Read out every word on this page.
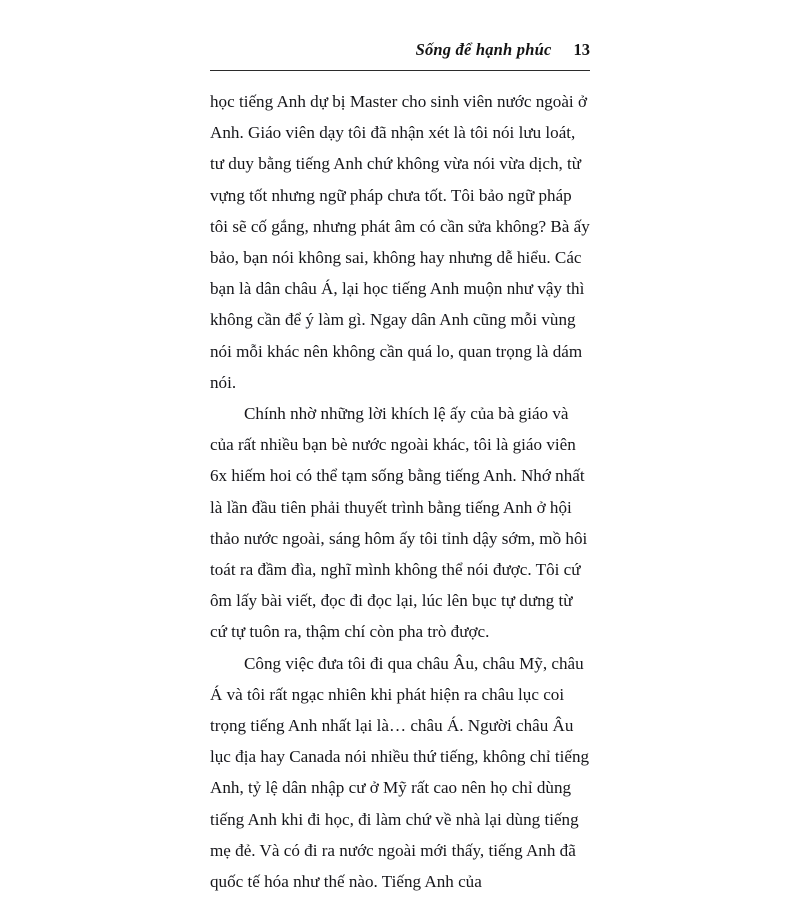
Sống để hạnh phúc 13

học tiếng Anh dự bị Master cho sinh viên nước ngoài ở Anh. Giáo viên dạy tôi đã nhận xét là tôi nói lưu loát, tư duy bằng tiếng Anh chứ không vừa nói vừa dịch, từ vựng tốt nhưng ngữ pháp chưa tốt. Tôi bảo ngữ pháp tôi sẽ cố gắng, nhưng phát âm có cần sửa không? Bà ấy bảo, bạn nói không sai, không hay nhưng dễ hiểu. Các bạn là dân châu Á, lại học tiếng Anh muộn như vậy thì không cần để ý làm gì. Ngay dân Anh cũng mỗi vùng nói mỗi khác nên không cần quá lo, quan trọng là dám nói.

Chính nhờ những lời khích lệ ấy của bà giáo và của rất nhiều bạn bè nước ngoài khác, tôi là giáo viên 6x hiếm hoi có thể tạm sống bằng tiếng Anh. Nhớ nhất là lần đầu tiên phải thuyết trình bằng tiếng Anh ở hội thảo nước ngoài, sáng hôm ấy tôi tỉnh dậy sớm, mồ hôi toát ra đầm đìa, nghĩ mình không thể nói được. Tôi cứ ôm lấy bài viết, đọc đi đọc lại, lúc lên bục tự dưng từ cứ tự tuôn ra, thậm chí còn pha trò được.

Công việc đưa tôi đi qua châu Âu, châu Mỹ, châu Á và tôi rất ngạc nhiên khi phát hiện ra châu lục coi trọng tiếng Anh nhất lại là… châu Á. Người châu Âu lục địa hay Canada nói nhiều thứ tiếng, không chỉ tiếng Anh, tỷ lệ dân nhập cư ở Mỹ rất cao nên họ chỉ dùng tiếng Anh khi đi học, đi làm chứ về nhà lại dùng tiếng mẹ đẻ. Và có đi ra nước ngoài mới thấy, tiếng Anh đã quốc tế hóa như thế nào. Tiếng Anh của
